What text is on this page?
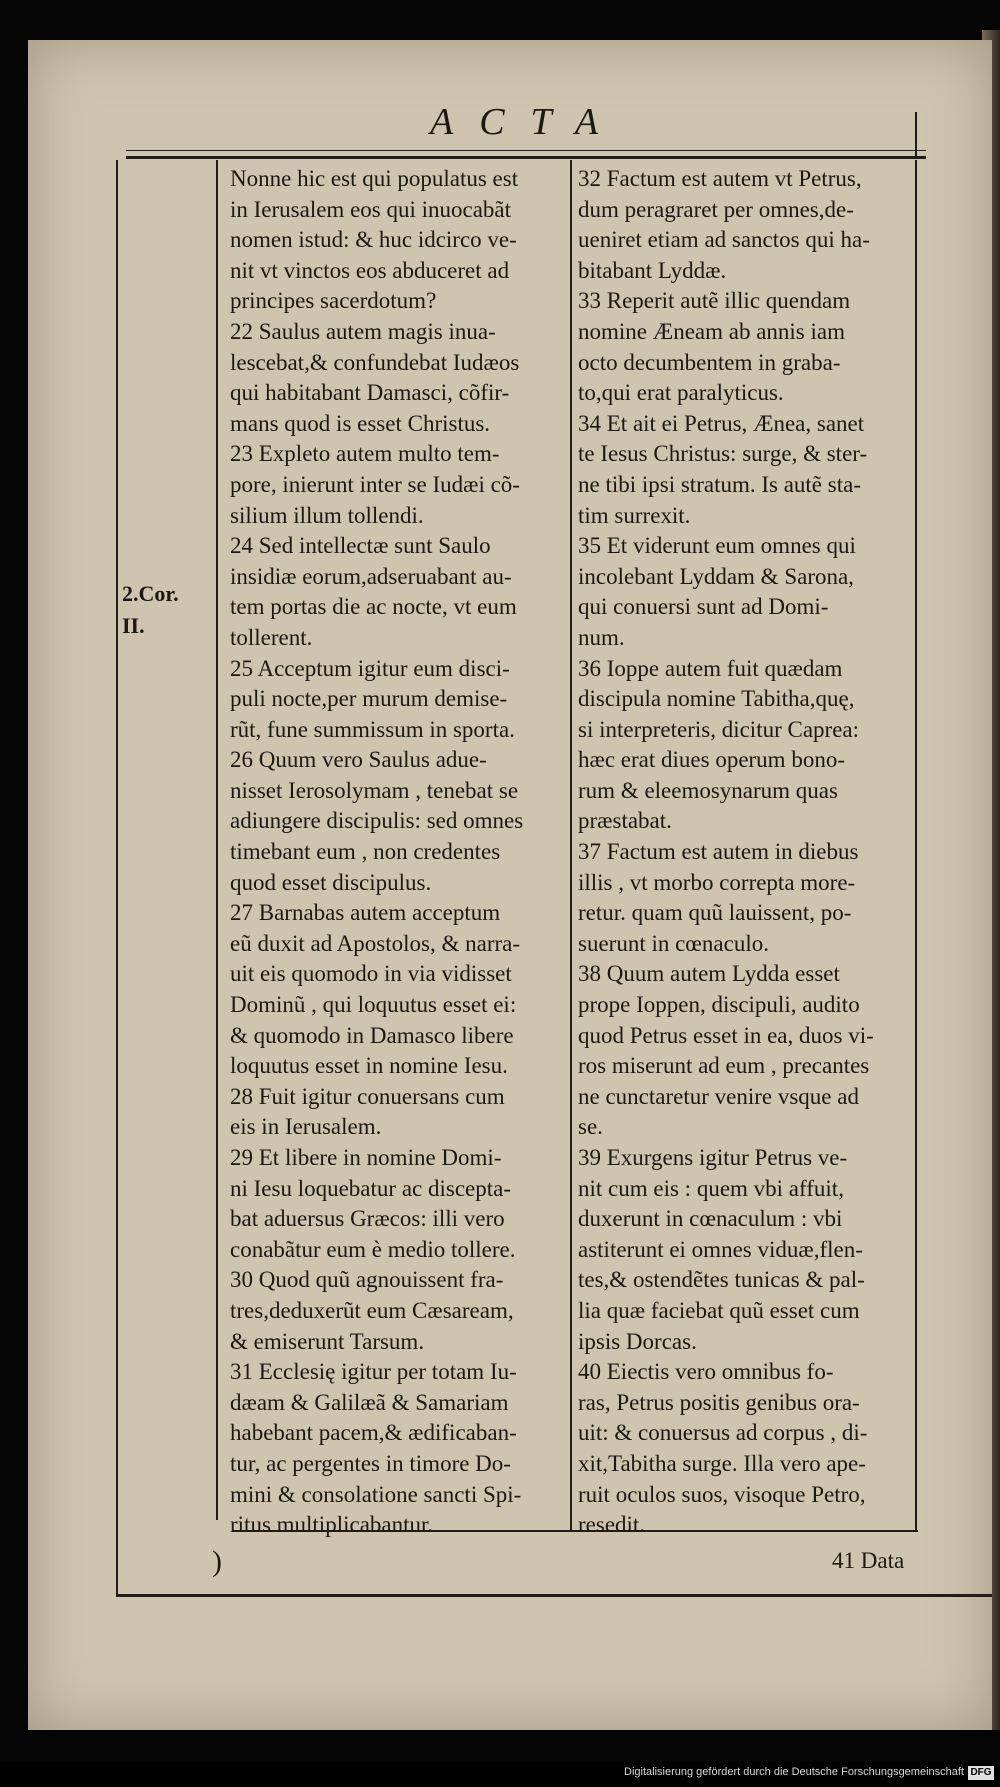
ACTA
2.Cor.
II.
Nonne hic est qui populatus est
in Ierusalem eos qui inuocabãt
nomen istud: & huc idcirco ve-
nit vt vinctos eos abduceret ad
principes sacerdotum?
22 Saulus autem magis inua-
lescebat,& confundebat Iudæos
qui habitabant Damasci, cõfir-
mans quod is esset Christus.
23 Expleto autem multo tem-
pore, inierunt inter se Iudæi cõ-
silium illum tollendi.
24 Sed intellectæ sunt Saulo
insidiæ eorum,adseruabant au-
tem portas die ac nocte, vt eum
tollerent.
25 Acceptum igitur eum disci-
puli nocte,per murum demise-
rũt, fune summissum in sporta.
26 Quum vero Saulus adue-
nisset Ierosolymam , tenebat se
adiungere discipulis: sed omnes
timebant eum , non credentes
quod esset discipulus.
27 Barnabas autem acceptum
eũ duxit ad Apostolos, & narra-
uit eis quomodo in via vidisset
Dominũ , qui loquutus esset ei:
& quomodo in Damasco libere
loquutus esset in nomine Iesu.
28 Fuit igitur conuersans cum
eis in Ierusalem.
29 Et libere in nomine Domi-
ni Iesu loquebatur ac discepta-
bat aduersus Græcos: illi vero
conabãtur eum è medio tollere.
30 Quod quũ agnouissent fra-
tres,deduxerũt eum Cæsaream,
& emiserunt Tarsum.
31 Ecclesię igitur per totam Iu-
dæam & Galilæã & Samariam
habebant pacem,& ædificaban-
tur, ac pergentes in timore Do-
mini & consolatione sancti Spi-
ritus multiplicabantur.
32 Factum est autem vt Petrus,
dum peragraret per omnes,de-
ueniret etiam ad sanctos qui ha-
bitabant Lyddæ.
33 Reperit autẽ illic quendam
nomine Æneam ab annis iam
octo decumbentem in graba-
to,qui erat paralyticus.
34 Et ait ei Petrus, Ænea, sanet
te Iesus Christus: surge, & ster-
ne tibi ipsi stratum. Is autẽ sta-
tim surrexit.
35 Et viderunt eum omnes qui
incolebant Lyddam & Sarona,
qui conuersi sunt ad Domi-
num.
36 Ioppe autem fuit quædam
discipula nomine Tabitha,quę,
si interpreteris, dicitur Caprea:
hæc erat diues operum bono-
rum & eleemosynarum quas
præstabat.
37 Factum est autem in diebus
illis , vt morbo correpta more-
retur. quam quũ lauissent, po-
suerunt in cœnaculo.
38 Quum autem Lydda esset
prope Ioppen, discipuli, audito
quod Petrus esset in ea, duos vi-
ros miserunt ad eum , precantes
ne cunctaretur venire vsque ad
se.
39 Exurgens igitur Petrus ve-
nit cum eis : quem vbi affuit,
duxerunt in cœnaculum : vbi
astiterunt ei omnes viduæ,flen-
tes,& ostendẽtes tunicas & pal-
lia quæ faciebat quũ esset cum
ipsis Dorcas.
40 Eiectis vero omnibus fo-
ras, Petrus positis genibus ora-
uit: & conuersus ad corpus , di-
xit,Tabitha surge. Illa vero ape-
ruit oculos suos, visoque Petro,
resedit.
)	41 Data
Digitalisierung gefördert durch die Deutsche Forschungsgemeinschaft DFG
